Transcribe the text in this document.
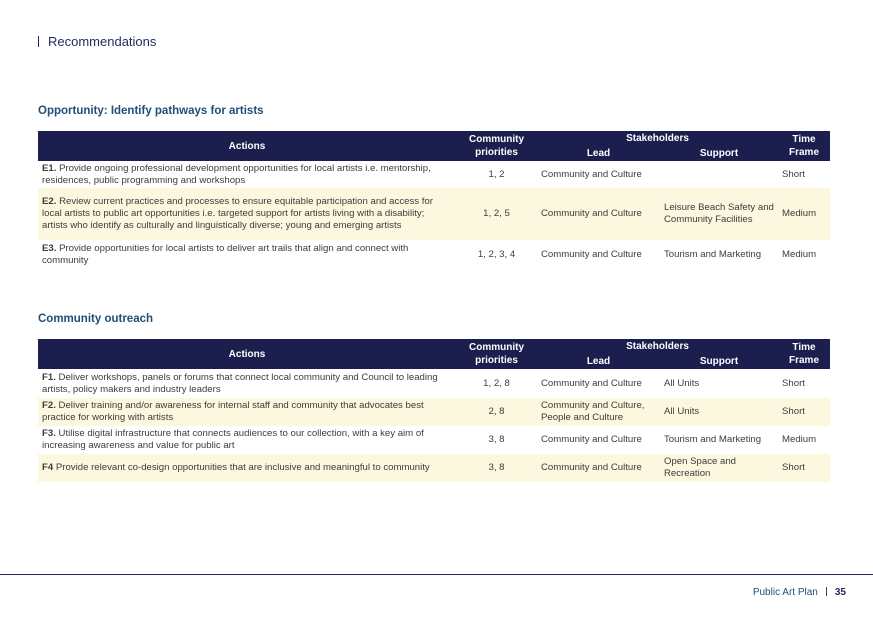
Recommendations
Opportunity: Identify pathways for artists
Actions	Community priorities	Stakeholders		Time Frame
		Lead	Support	
E1. Provide ongoing professional development opportunities for local artists i.e. mentorship, residences, public programming and workshops	1, 2	Community and Culture		Short
E2. Review current practices and processes to ensure equitable participation and access for local artists to public art opportunities i.e. targeted support for artists living with a disability; artists who identify as culturally and linguistically diverse; young and emerging artists	1, 2, 5	Community and Culture	Leisure Beach Safety and Community Facilities	Medium
E3. Provide opportunities for local artists to deliver art trails that align and connect with community	1, 2, 3, 4	Community and Culture	Tourism and Marketing	Medium
Community outreach
Actions	Community priorities	Stakeholders		Time Frame
		Lead	Support	
F1. Deliver workshops, panels or forums that connect local community and Council to leading artists, policy makers and industry leaders	1, 2, 8	Community and Culture	All Units	Short
F2. Deliver training and/or awareness for internal staff and community that advocates best practice for working with artists	2, 8	Community and Culture, People and Culture	All Units	Short
F3. Utilise digital infrastructure that connects audiences to our collection, with a key aim of increasing awareness and value for public art	3, 8	Community and Culture	Tourism and Marketing	Medium
F4 Provide relevant co-design opportunities that are inclusive and meaningful to community	3, 8	Community and Culture	Open Space and Recreation	Short
Public Art Plan 35
